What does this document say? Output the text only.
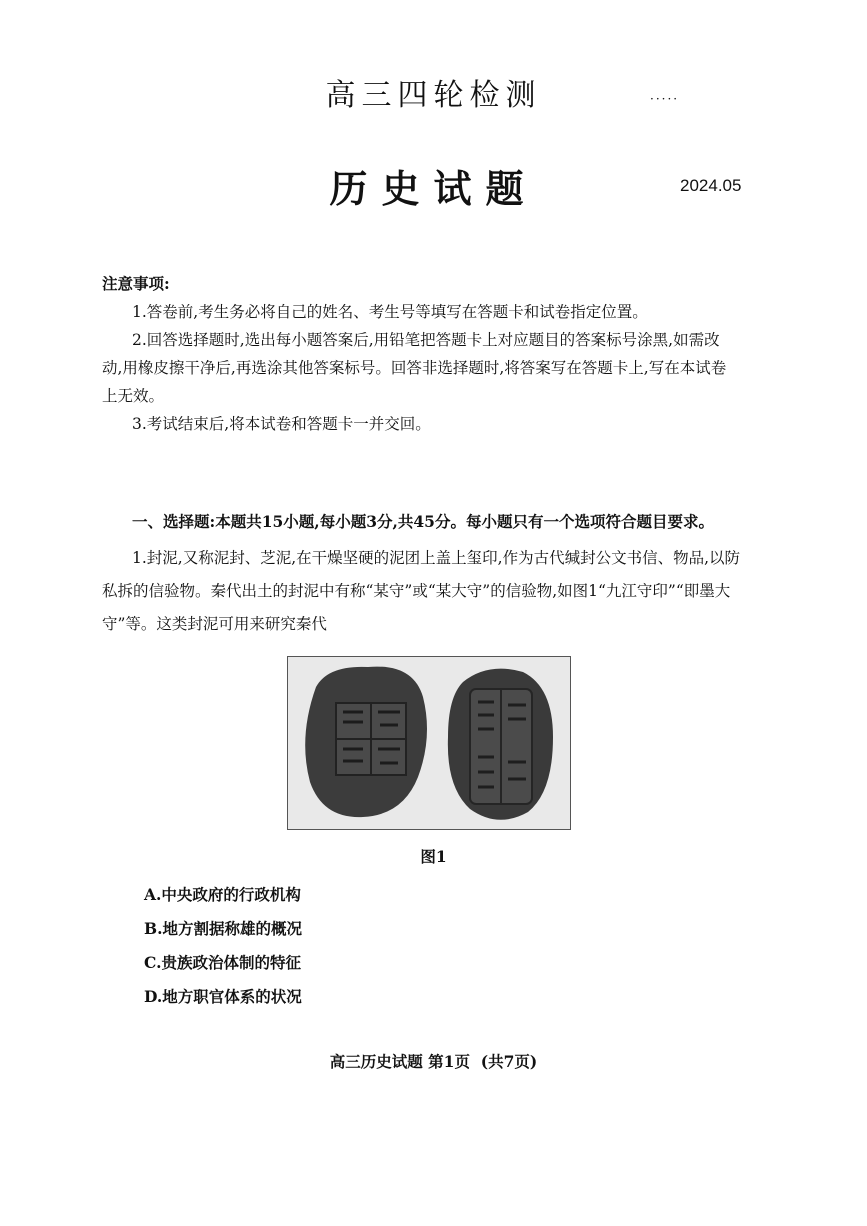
高三四轮检测	·····
历史试题	2024.05

注意事项:

1.答卷前,考生务必将自己的姓名、考生号等填写在答题卡和试卷指定位置。

2.回答选择题时,选出每小题答案后,用铅笔把答题卡上对应题目的答案标号涂黑,如需改动,用橡皮擦干净后,再选涂其他答案标号。回答非选择题时,将答案写在答题卡上,写在本试卷上无效。

3.考试结束后,将本试卷和答题卡一并交回。

一、选择题:本题共15小题,每小题3分,共45分。每小题只有一个选项符合题目要求。

1.封泥,又称泥封、芝泥,在干燥坚硬的泥团上盖上玺印,作为古代缄封公文书信、物品,以防私拆的信验物。秦代出土的封泥中有称“某守”或“某大守”的信验物,如图1“九江守印”“即墨大守”等。这类封泥可用来研究秦代

图1
A.中央政府的行政机构
B.地方割据称雄的概况
C.贵族政治体制的特征
D.地方职官体系的状况
高三历史试题 第1页  (共7页)
